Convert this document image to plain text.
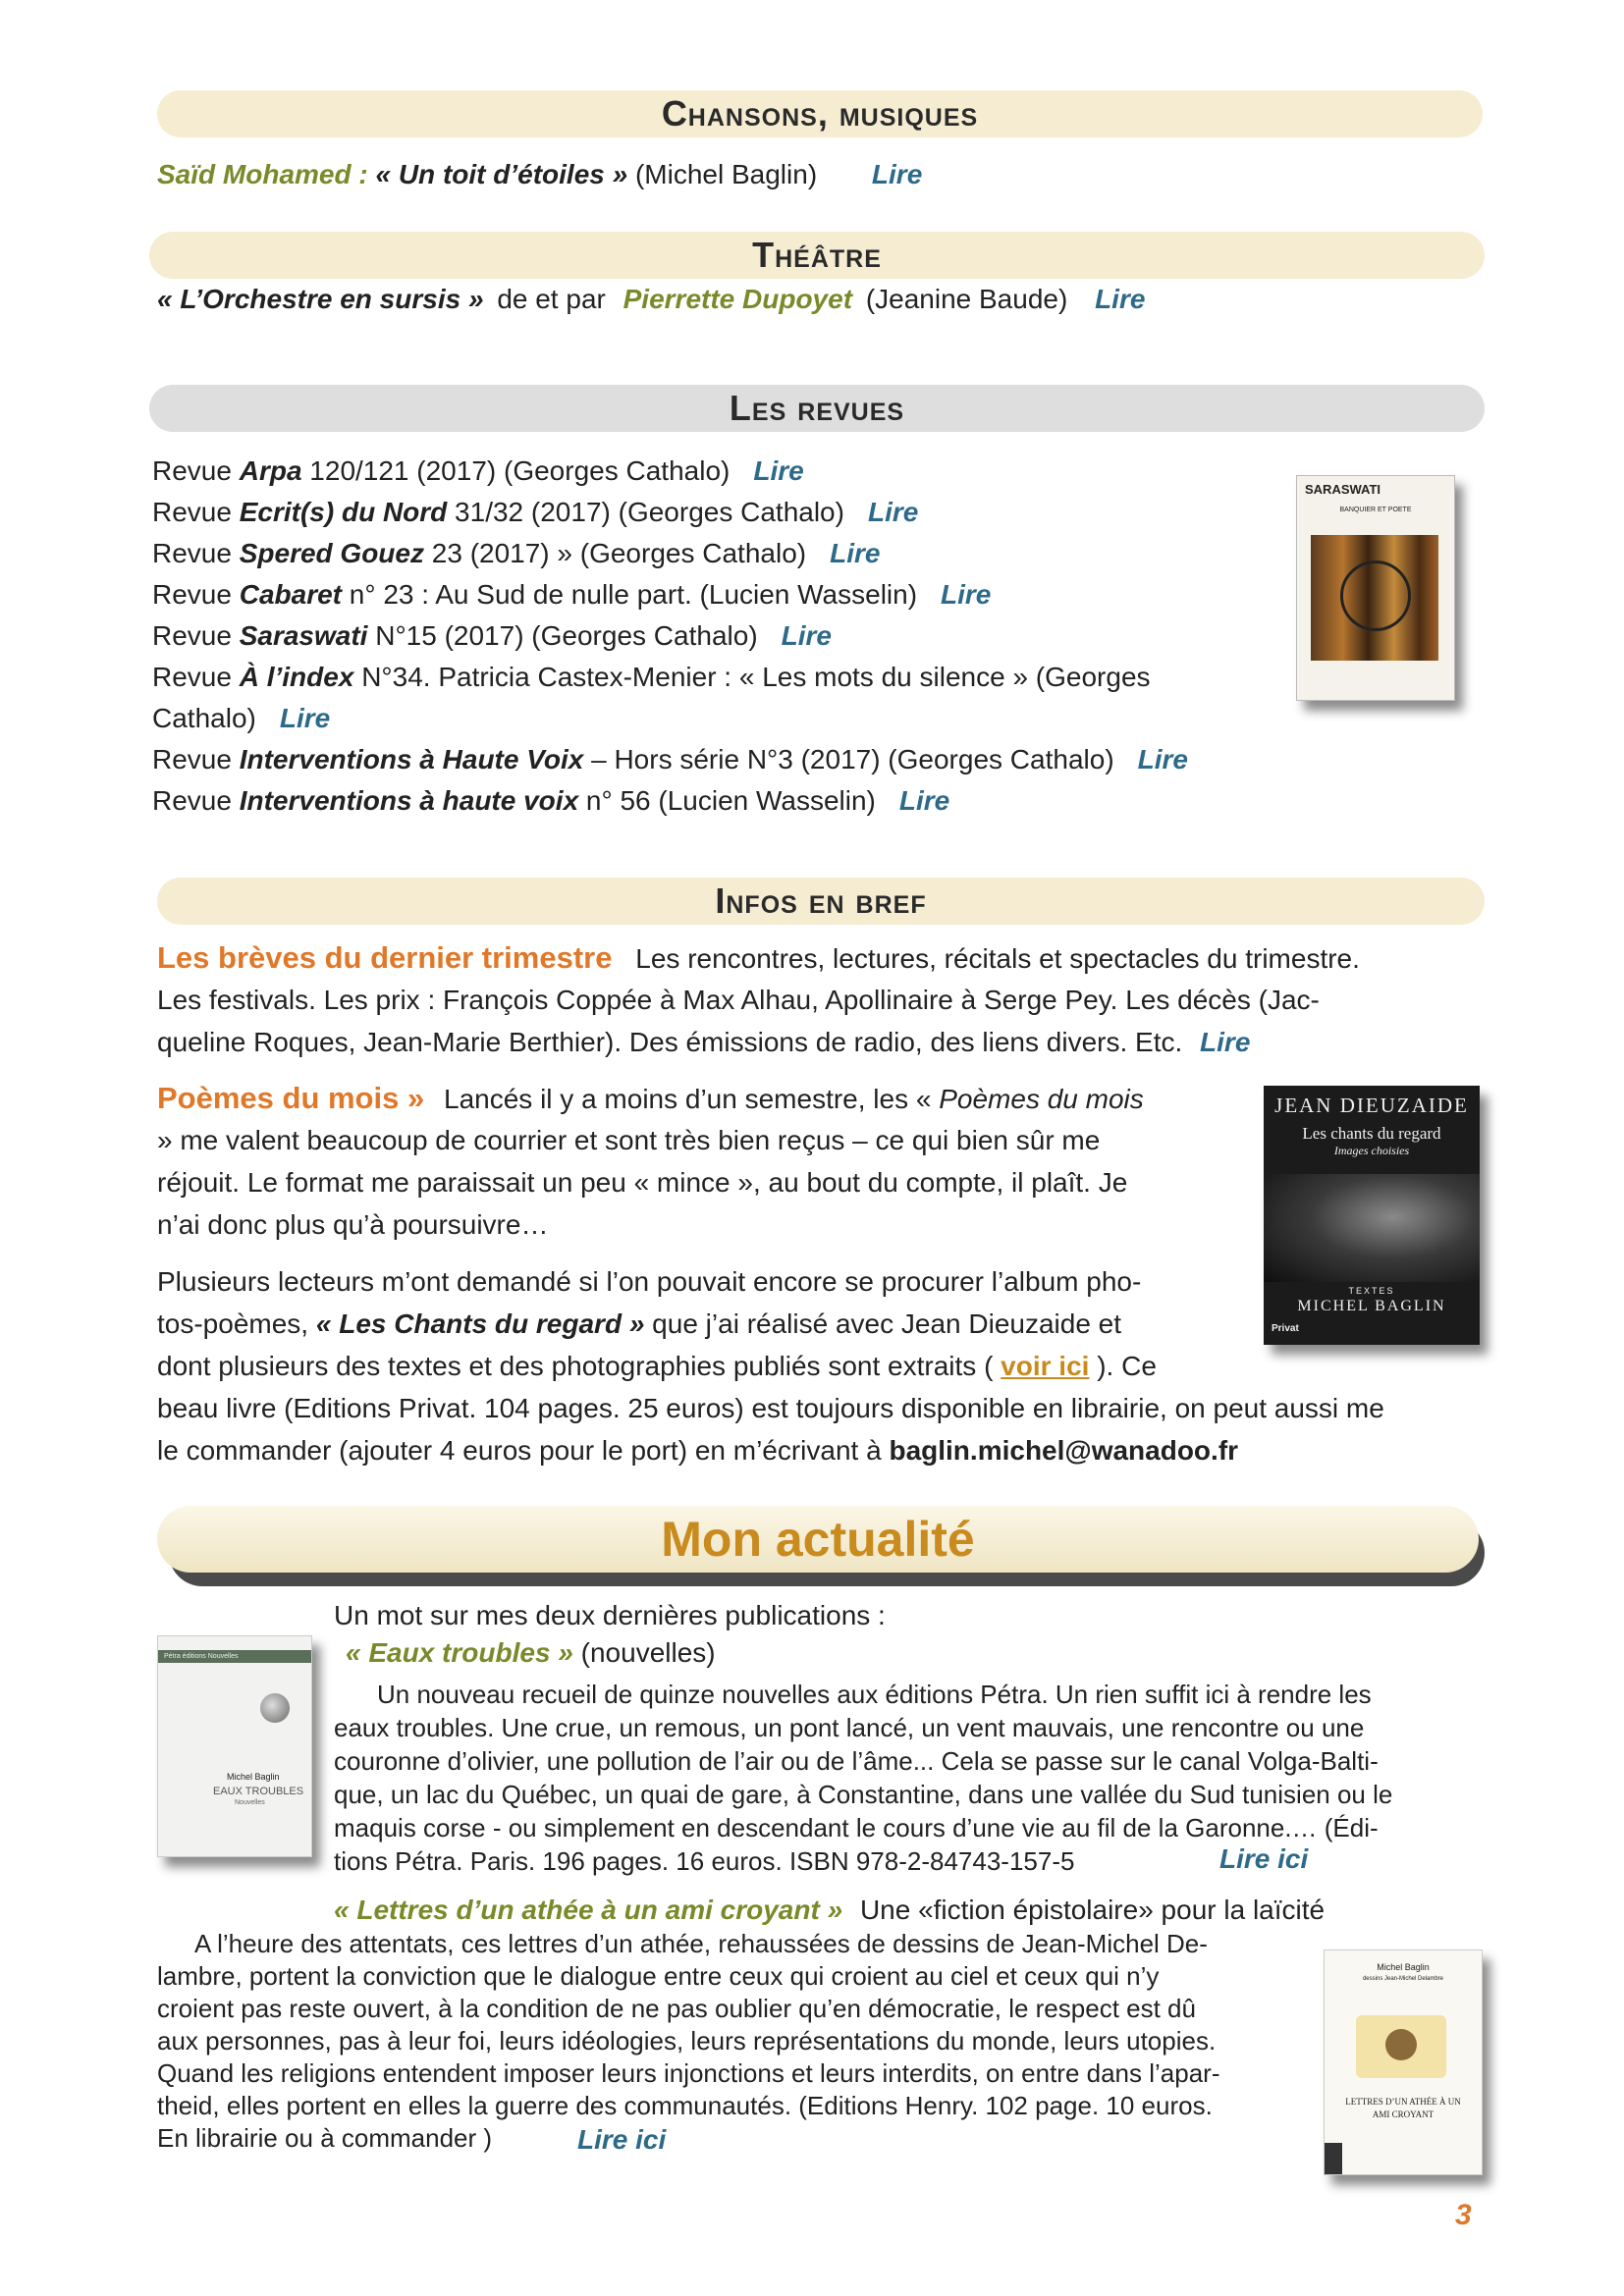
Chansons, musiques
Saïd Mohamed : « Un toit d’étoiles » (Michel Baglin) Lire
Théâtre
« L’Orchestre en sursis » de et par Pierrette Dupoyet (Jeanine Baude) Lire
Les revues
Revue Arpa 120/121 (2017) (Georges Cathalo) Lire
Revue Ecrit(s) du Nord 31/32 (2017) (Georges Cathalo) Lire
Revue Spered Gouez 23 (2017) » (Georges Cathalo) Lire
Revue Cabaret n° 23 : Au Sud de nulle part. (Lucien Wasselin) Lire
Revue Saraswati N°15 (2017) (Georges Cathalo) Lire
Revue À l’index N°34. Patricia Castex-Menier : « Les mots du silence » (Georges
Cathalo) Lire
Revue Interventions à Haute Voix – Hors série N°3 (2017) (Georges Cathalo) Lire
Revue Interventions à haute voix n° 56 (Lucien Wasselin) Lire
SARASWATI
BANQUIER ET POETE
Infos en bref
Les brèves du dernier trimestre Les rencontres, lectures, récitals et spectacles du trimestre.
Les festivals. Les prix : François Coppée à Max Alhau, Apollinaire à Serge Pey. Les décès (Jac-
queline Roques, Jean-Marie Berthier). Des émissions de radio, des liens divers. Etc. Lire
Poèmes du mois » Lancés il y a moins d’un semestre, les « Poèmes du mois
» me valent beaucoup de courrier et sont très bien reçus – ce qui bien sûr me
réjouit. Le format me paraissait un peu « mince », au bout du compte, il plaît. Je
n’ai donc plus qu’à poursuivre…
Plusieurs lecteurs m’ont demandé si l’on pouvait encore se procurer l’album pho-
tos-poèmes, « Les Chants du regard » que j’ai réalisé avec Jean Dieuzaide et
dont plusieurs des textes et des photographies publiés sont extraits ( voir ici ). Ce
beau livre (Editions Privat. 104 pages. 25 euros) est toujours disponible en librairie, on peut aussi me
le commander (ajouter 4 euros pour le port) en m’écrivant à baglin.michel@wanadoo.fr
JEAN DIEUZAIDE
Les chants du regard
Images choisies
TEXTES
MICHEL BAGLIN
Privat
Mon actualité
Un mot sur mes deux dernières publications :
Pétra éditions Nouvelles
Michel Baglin
EAUX TROUBLES
Nouvelles
« Eaux troubles » (nouvelles)
Un nouveau recueil de quinze nouvelles aux éditions Pétra. Un rien suffit ici à rendre les
eaux troubles. Une crue, un remous, un pont lancé, un vent mauvais, une rencontre ou une
couronne d’olivier, une pollution de l’air ou de l’âme... Cela se passe sur le canal Volga-Balti-
que, un lac du Québec, un quai de gare, à Constantine, dans une vallée du Sud tunisien ou le
maquis corse - ou simplement en descendant le cours d’une vie au fil de la Garonne.… (Édi-
tions Pétra. Paris. 196 pages. 16 euros. ISBN 978-2-84743-157-5	Lire ici
« Lettres d’un athée à un ami croyant » Une «fiction épistolaire» pour la laïcité
A l’heure des attentats, ces lettres d’un athée, rehaussées de dessins de Jean-Michel De-
lambre, portent la conviction que le dialogue entre ceux qui croient au ciel et ceux qui n’y
croient pas reste ouvert, à la condition de ne pas oublier qu’en démocratie, le respect est dû
aux personnes, pas à leur foi, leurs idéologies, leurs représentations du monde, leurs utopies.
Quand les religions entendent imposer leurs injonctions et leurs interdits, on entre dans l’apar-
theid, elles portent en elles la guerre des communautés. (Editions Henry. 102 page. 10 euros.
En librairie ou à commander )	Lire ici
Michel Baglin
dessins Jean-Michel Delambre
LETTRES D’UN ATHÉE À UN AMI CROYANT
3
